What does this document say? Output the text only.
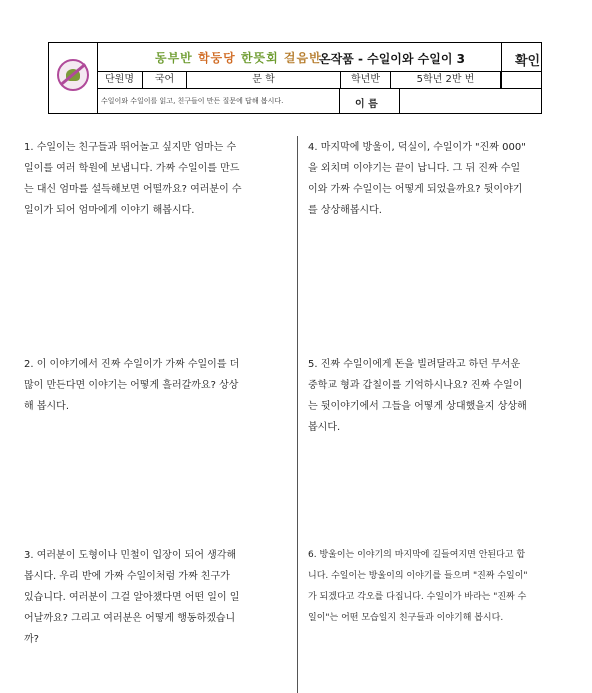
동부반 학둥당 한뜻회 걸음반
온작품 - 수일이와 수일이 3	확인
단원명	국어	문 학	학년반	5학년 2반 번
수일이와 수일이를 읽고, 친구들이 만든 질문에 답해 봅시다.	이 름
1. 수일이는 친구들과 뛰어놀고 싶지만 엄마는 수
일이를 여러 학원에 보냅니다. 가짜 수일이를 만드
는 대신 엄마를 설득해보면 어떨까요? 여러분이 수
일이가 되어 엄마에게 이야기 해봅시다.
2. 이 이야기에서 진짜 수일이가 가짜 수일이를 더
많이 만든다면 이야기는 어떻게 흘러갈까요? 상상
해 봅시다.
3. 여러분이 도형이나 민철이 입장이 되어 생각해
봅시다. 우리 반에 가짜 수일이처럼 가짜 친구가
있습니다. 여러분이 그걸 알아챘다면 어떤 일이 일
어날까요? 그리고 여러분은 어떻게 행동하겠습니
까?
4. 마지막에 방울이, 덕실이, 수일이가 "진짜 000"
을 외치며 이야기는 끝이 납니다. 그 뒤 진짜 수일
이와 가짜 수일이는 어떻게 되었을까요? 뒷이야기
를 상상해봅시다.
5. 진짜 수일이에게 돈을 빌려달라고 하던 무서운
중학교 형과 갑칠이를 기억하시나요? 진짜 수일이
는 뒷이야기에서 그들을 어떻게 상대했을지 상상해
봅시다.
6. 방울이는 이야기의 마지막에 길들여지면 안된다고 합
니다. 수일이는 방울이의 이야기를 들으며 "진짜 수일이"
가 되겠다고 각오를 다집니다. 수일이가 바라는 "진짜 수
일이"는 어떤 모습일지 친구들과 이야기해 봅시다.
